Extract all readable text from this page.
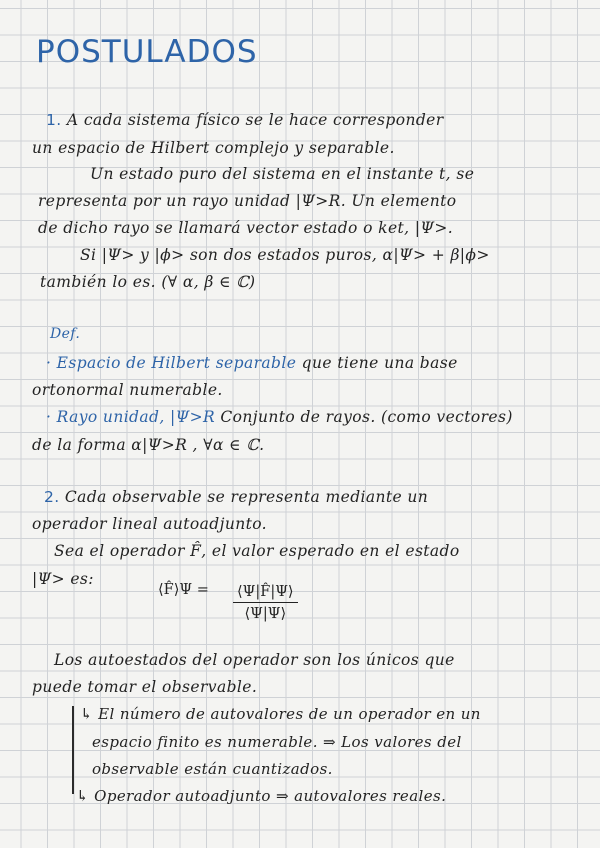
POSTULADOS
1. A cada sistema físico se le hace corresponder
un espacio de Hilbert complejo y separable.
Un estado puro del sistema en el instante t, se
representa por un rayo unidad |Ψ>R. Un elemento
de dicho rayo se llamará vector estado o ket, |Ψ>.
Si |Ψ> y |ϕ> son dos estados puros, α|Ψ> + β|ϕ>
también lo es. (∀ α, β ∈ ℂ)
Def.
· Espacio de Hilbert separable que tiene una base
ortonormal numerable.
· Rayo unidad, |Ψ>R Conjunto de rayos. (como vectores)
de la forma α|Ψ>R , ∀α ∈ ℂ.
2. Cada observable se representa mediante un
operador lineal autoadjunto.
Sea el operador F̂, el valor esperado en el estado
|Ψ> es:
⟨F̂⟩Ψ = $\frac{⟨\Psi|F̂|\Psi⟩}{⟨\Psi|\Psi⟩}$
Los autoestados del operador son los únicos que
puede tomar el observable.
↳ El número de autovalores de un operador en un
espacio finito es numerable. ⇒ Los valores del
observable están cuantizados.
↳ Operador autoadjunto ⇒ autovalores reales.
